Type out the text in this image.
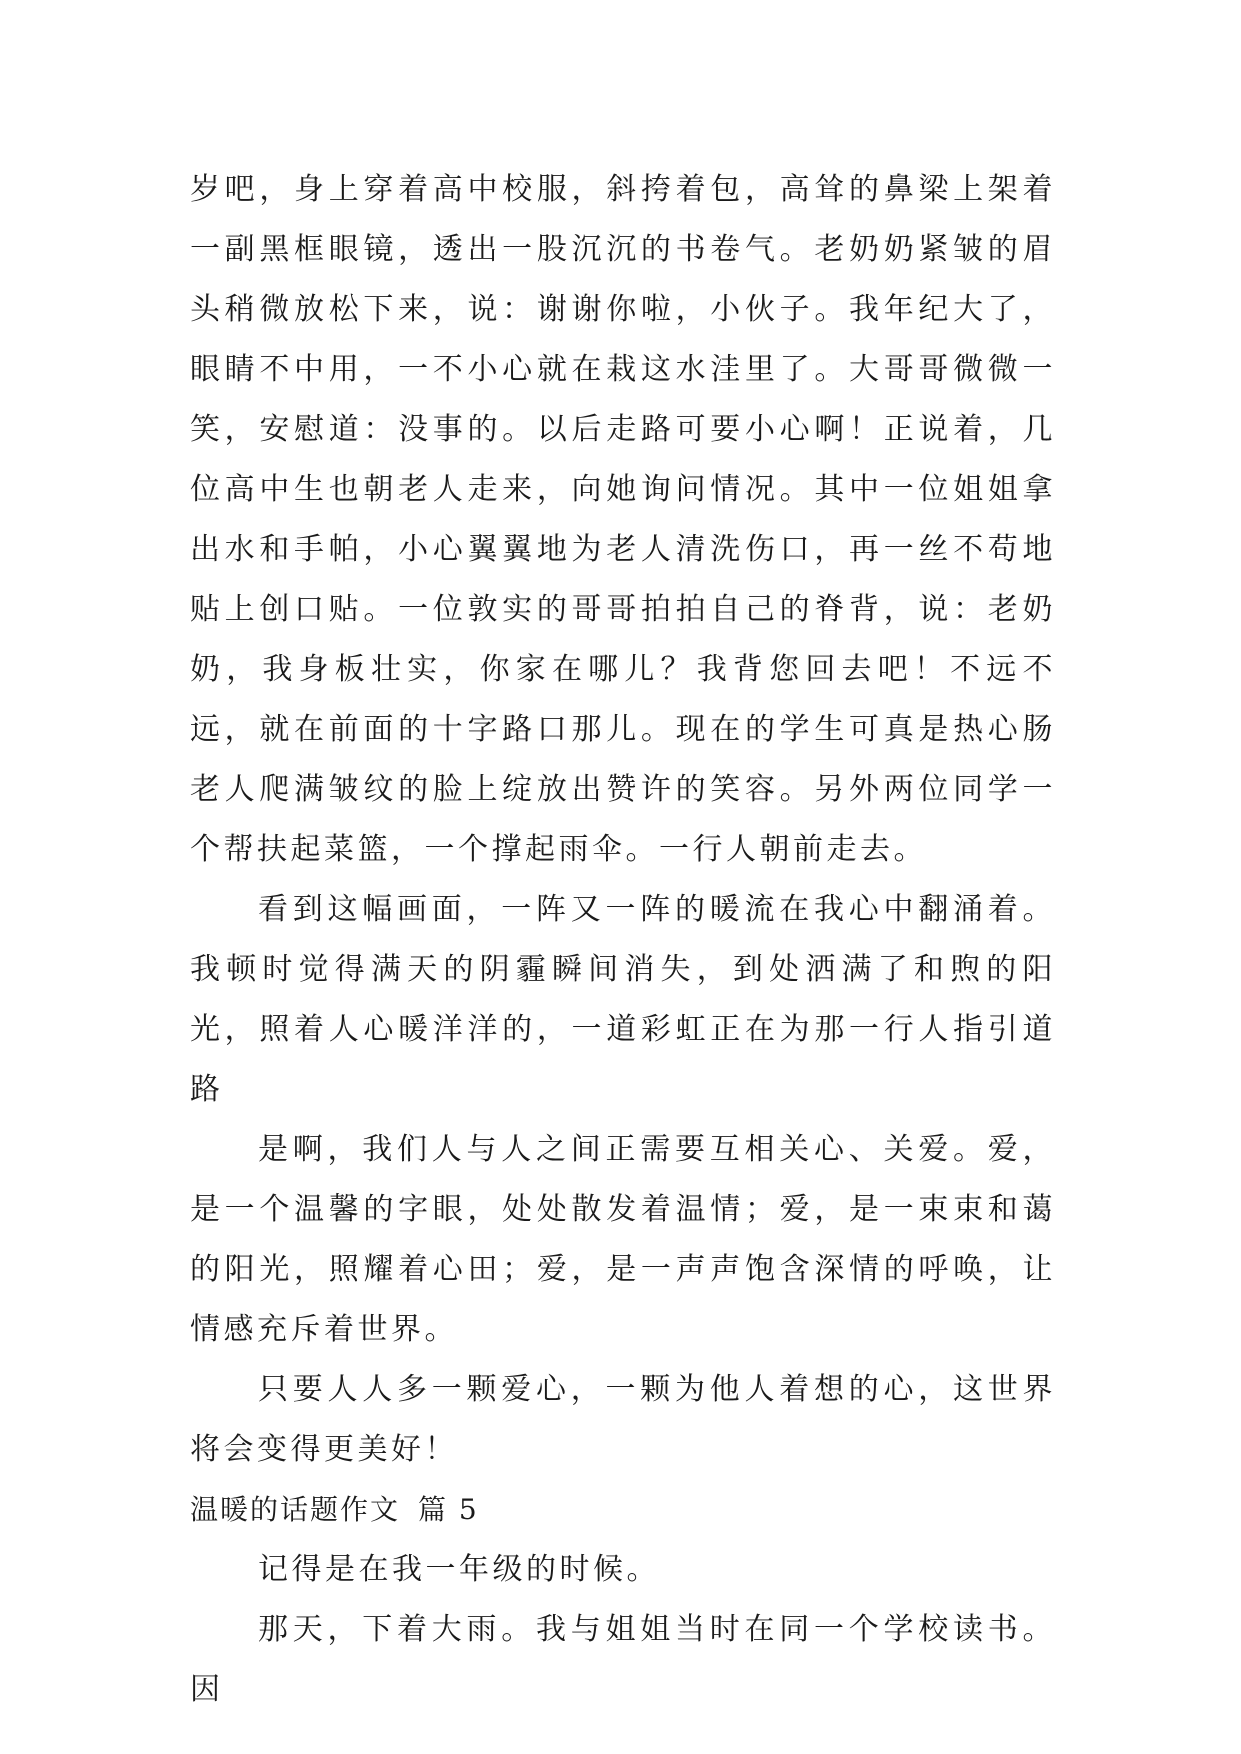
岁吧，身上穿着高中校服，斜挎着包，高耸的鼻梁上架着一副黑框眼镜，透出一股沉沉的书卷气。老奶奶紧皱的眉头稍微放松下来，说：谢谢你啦，小伙子。我年纪大了，眼睛不中用，一不小心就在栽这水洼里了。大哥哥微微一笑，安慰道：没事的。以后走路可要小心啊！正说着，几位高中生也朝老人走来，向她询问情况。其中一位姐姐拿出水和手帕，小心翼翼地为老人清洗伤口，再一丝不苟地贴上创口贴。一位敦实的哥哥拍拍自己的脊背，说：老奶奶，我身板壮实，你家在哪儿？我背您回去吧！不远不远，就在前面的十字路口那儿。现在的学生可真是热心肠老人爬满皱纹的脸上绽放出赞许的笑容。另外两位同学一个帮扶起菜篮，一个撑起雨伞。一行人朝前走去。

看到这幅画面，一阵又一阵的暖流在我心中翻涌着。我顿时觉得满天的阴霾瞬间消失，到处洒满了和煦的阳光，照着人心暖洋洋的，一道彩虹正在为那一行人指引道路

是啊，我们人与人之间正需要互相关心、关爱。爱，是一个温馨的字眼，处处散发着温情；爱，是一束束和蔼的阳光，照耀着心田；爱，是一声声饱含深情的呼唤，让情感充斥着世界。

只要人人多一颗爱心，一颗为他人着想的心，这世界将会变得更美好！

温暖的话题作文 篇 5

记得是在我一年级的时候。

那天，下着大雨。我与姐姐当时在同一个学校读书。因
